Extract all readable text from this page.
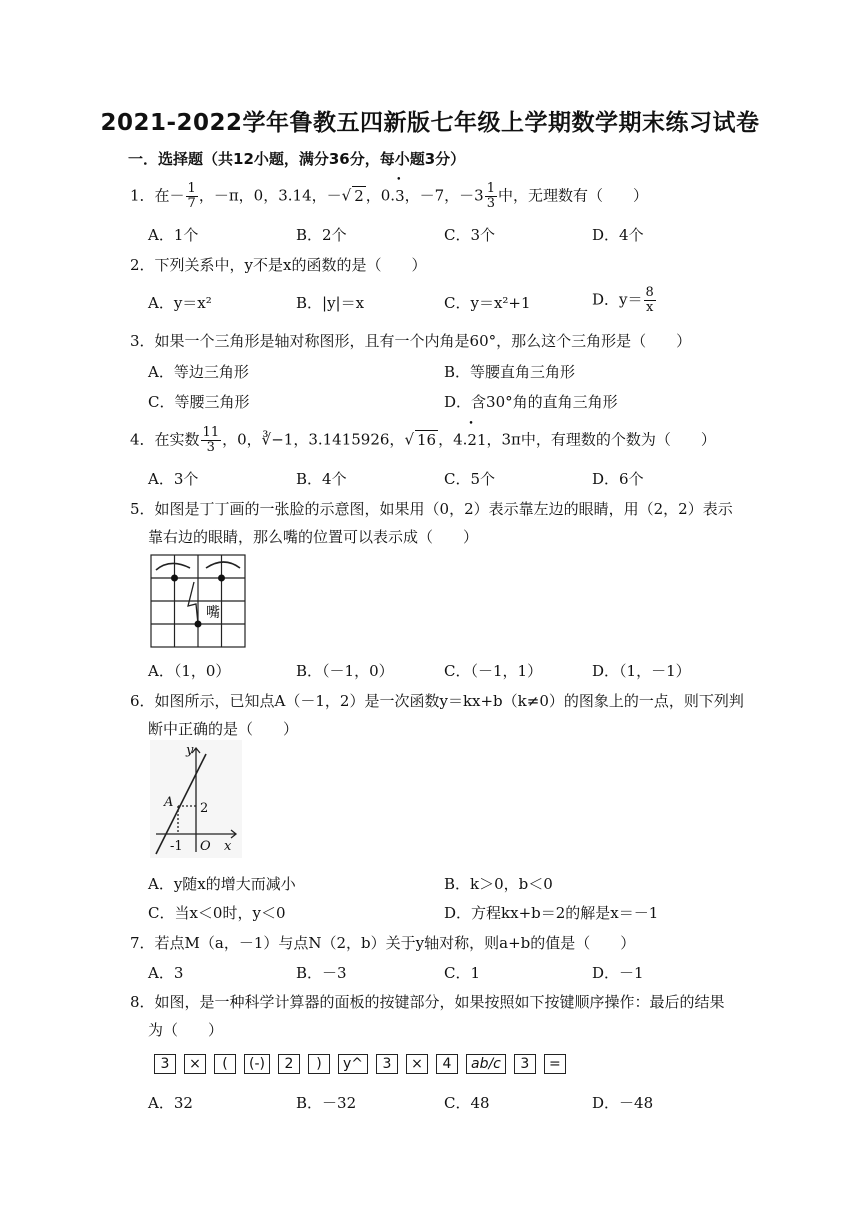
2021-2022学年鲁教五四新版七年级上学期数学期末练习试卷
一．选择题（共12小题，满分36分，每小题3分）
1．在－ $\frac{1}{7}$ ，－π，0，3.14，－√ 2 ，0.• 3，－7，$-3 \frac{1}{3}$ 中，无理数有（　　）
A．1个	B．2个	C．3个	D．4个
2．下列关系中，y不是x的函数的是（　　）
A．y＝x²	B．|y|＝x	C．y＝x²+1	D．$y= \frac{8}{x}$
3．如果一个三角形是轴对称图形，且有一个内角是60°，那么这个三角形是（　　）
A．等边三角形	B．等腰直角三角形
C．等腰三角形	D．含30°角的直角三角形
4．在实数 $\frac{11}{3}$ ，0，∛−1，3.1415926，√ 16 ，4.• 21，3π中，有理数的个数为（　　）
A．3个	B．4个	C．5个	D．6个
5．如图是丁丁画的一张脸的示意图，如果用（0，2）表示靠左边的眼睛，用（2，2）表示
靠右边的眼睛，那么嘴的位置可以表示成（　　）
嘴
A．（1，0）	B．（－1，0）	C．（－1，1）	D．（1，－1）
6．如图所示，已知点A（－1，2）是一次函数y＝kx+b（k≠0）的图象上的一点，则下列判
断中正确的是（　　）
y
x
O
A 2
-1
A．y随x的增大而减小	B．k＞0，b＜0
C．当x＜0时，y＜0	D．方程kx+b＝2的解是x＝－1
7．若点M（a，－1）与点N（2，b）关于y轴对称，则a+b的值是（　　）
A．3	B．－3	C．1	D．－1
8．如图，是一种科学计算器的面板的按键部分，如果按照如下按键顺序操作：最后的结果
为（　　）
3	×	(	(-)	2	)	y^	3	×	4	ab/c	3	=
A．32	B．－32	C．48	D．－48
